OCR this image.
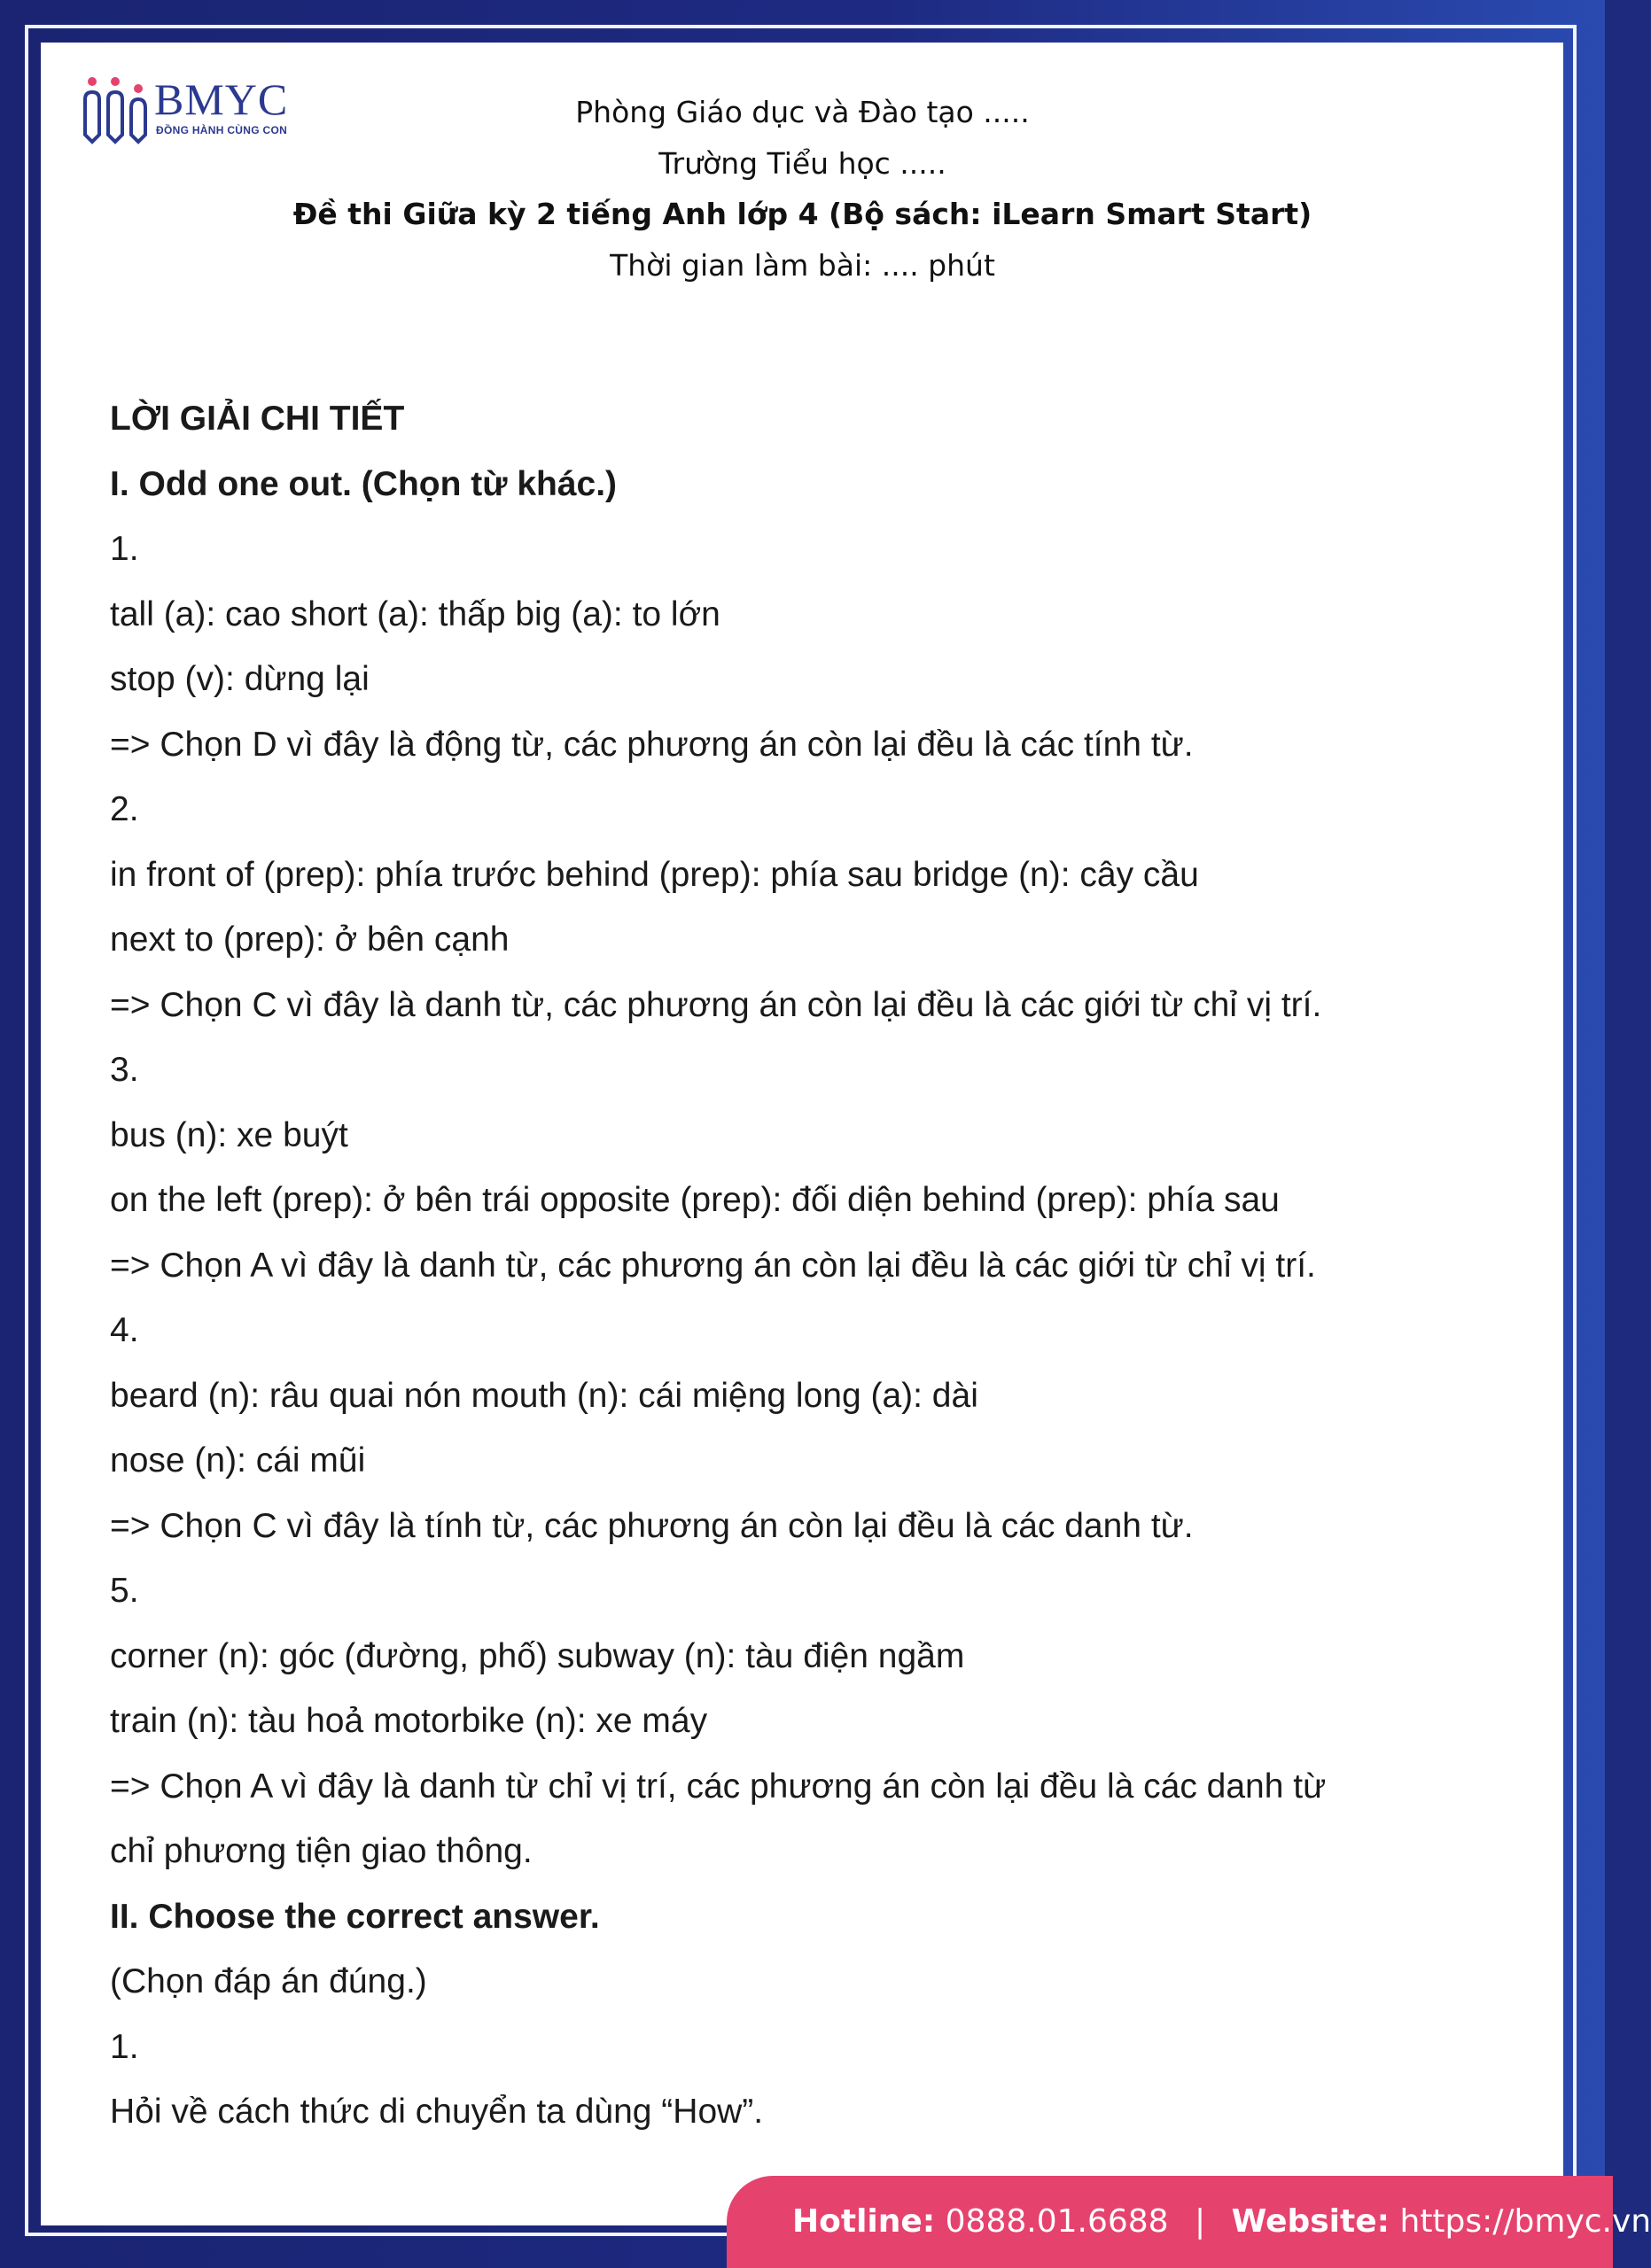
BMYC
ĐỒNG HÀNH CÙNG CON
Phòng Giáo dục và Đào tạo .....
Trường Tiểu học .....
Đề thi Giữa kỳ 2 tiếng Anh lớp 4 (Bộ sách: iLearn Smart Start)
Thời gian làm bài: .... phút
LỜI GIẢI CHI TIẾT
I. Odd one out. (Chọn từ khác.)
1.
tall (a): cao short (a): thấp big (a): to lớn
stop (v): dừng lại
=> Chọn D vì đây là động từ, các phương án còn lại đều là các tính từ.
2.
in front of (prep): phía trước behind (prep): phía sau bridge (n): cây cầu
next to (prep): ở bên cạnh
=> Chọn C vì đây là danh từ, các phương án còn lại đều là các giới từ chỉ vị trí.
3.
bus (n): xe buýt
on the left (prep): ở bên trái opposite (prep): đối diện behind (prep): phía sau
=> Chọn A vì đây là danh từ, các phương án còn lại đều là các giới từ chỉ vị trí.
4.
beard (n): râu quai nón mouth (n): cái miệng long (a): dài
nose (n): cái mũi
=> Chọn C vì đây là tính từ, các phương án còn lại đều là các danh từ.
5.
corner (n): góc (đường, phố) subway (n): tàu điện ngầm
train (n): tàu hoả motorbike (n): xe máy
=> Chọn A vì đây là danh từ chỉ vị trí, các phương án còn lại đều là các danh từ
chỉ phương tiện giao thông.
II. Choose the correct answer.
(Chọn đáp án đúng.)
1.
Hỏi về cách thức di chuyển ta dùng “How”.
Hotline: 0888.01.6688 | Website: https://bmyc.vn
